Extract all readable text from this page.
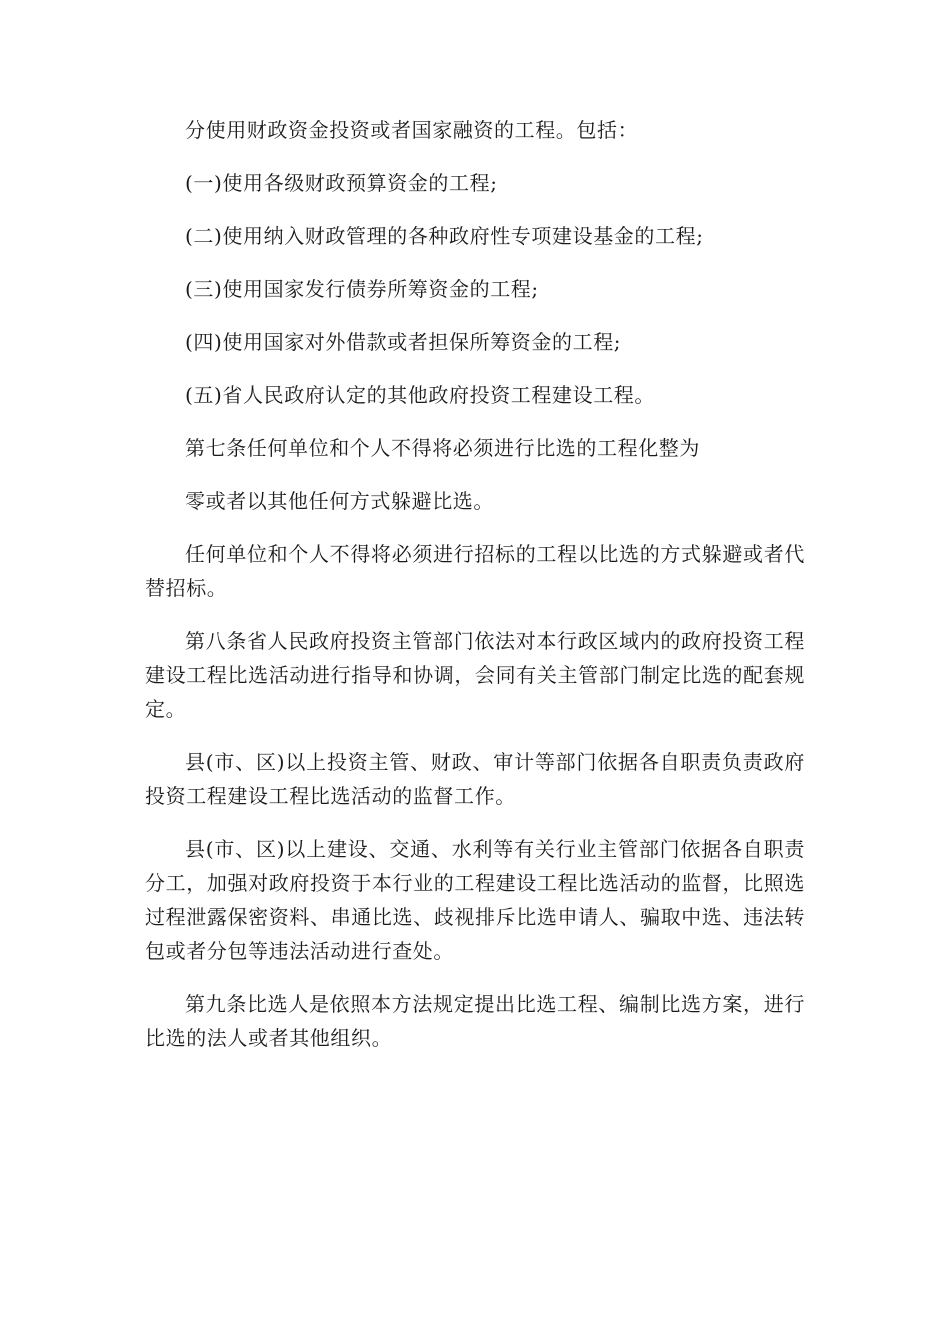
分使用财政资金投资或者国家融资的工程。包括：

(一)使用各级财政预算资金的工程;

(二)使用纳入财政管理的各种政府性专项建设基金的工程;

(三)使用国家发行债券所筹资金的工程;

(四)使用国家对外借款或者担保所筹资金的工程;

(五)省人民政府认定的其他政府投资工程建设工程。

第七条任何单位和个人不得将必须进行比选的工程化整为

零或者以其他任何方式躲避比选。

任何单位和个人不得将必须进行招标的工程以比选的方式躲避或者代替招标。

第八条省人民政府投资主管部门依法对本行政区域内的政府投资工程建设工程比选活动进行指导和协调，会同有关主管部门制定比选的配套规定。

县(市、区)以上投资主管、财政、审计等部门依据各自职责负责政府投资工程建设工程比选活动的监督工作。

县(市、区)以上建设、交通、水利等有关行业主管部门依据各自职责分工，加强对政府投资于本行业的工程建设工程比选活动的监督，比照选过程泄露保密资料、串通比选、歧视排斥比选申请人、骗取中选、违法转包或者分包等违法活动进行查处。

第九条比选人是依照本方法规定提出比选工程、编制比选方案，进行比选的法人或者其他组织。
